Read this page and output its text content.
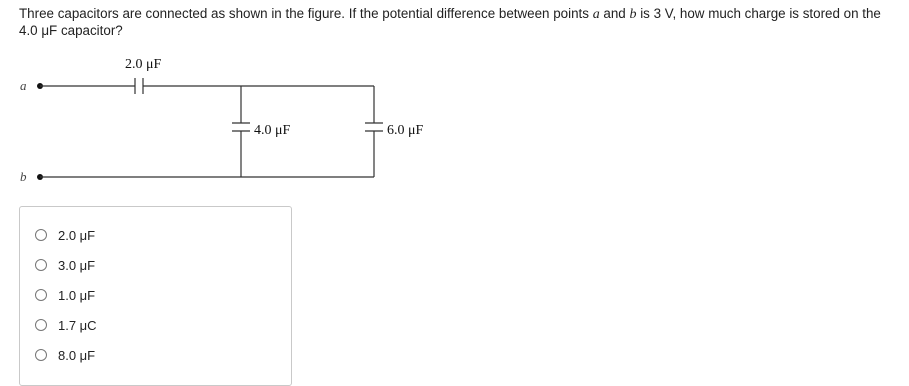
Three capacitors are connected as shown in the figure. If the potential difference between points a and b is 3 V, how much charge is stored on the 4.0 μF capacitor?
a
b
2.0 μF
4.0 μF	6.0 μF
2.0 μF
3.0 μF
1.0 μF
1.7 μC
8.0 μF
